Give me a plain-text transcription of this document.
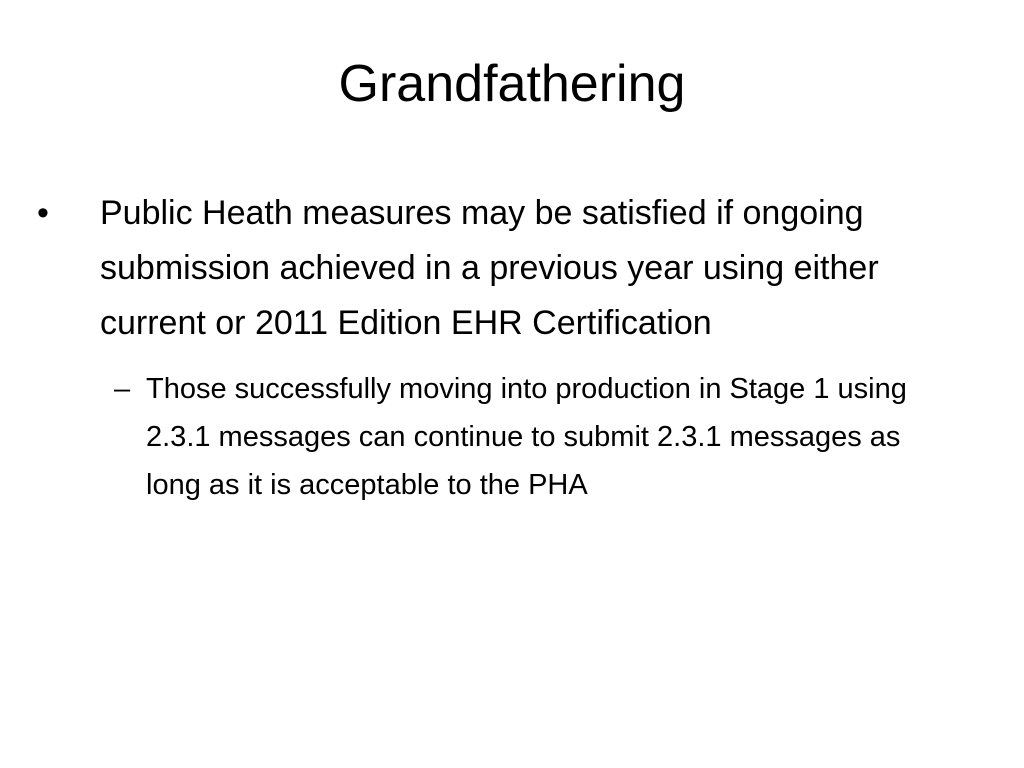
Grandfathering
• Public Heath measures may be satisfied if ongoing submission achieved in a previous year using either current or 2011 Edition EHR Certification
– Those successfully moving into production in Stage 1 using 2.3.1 messages can continue to submit 2.3.1 messages as long as it is acceptable to the PHA
